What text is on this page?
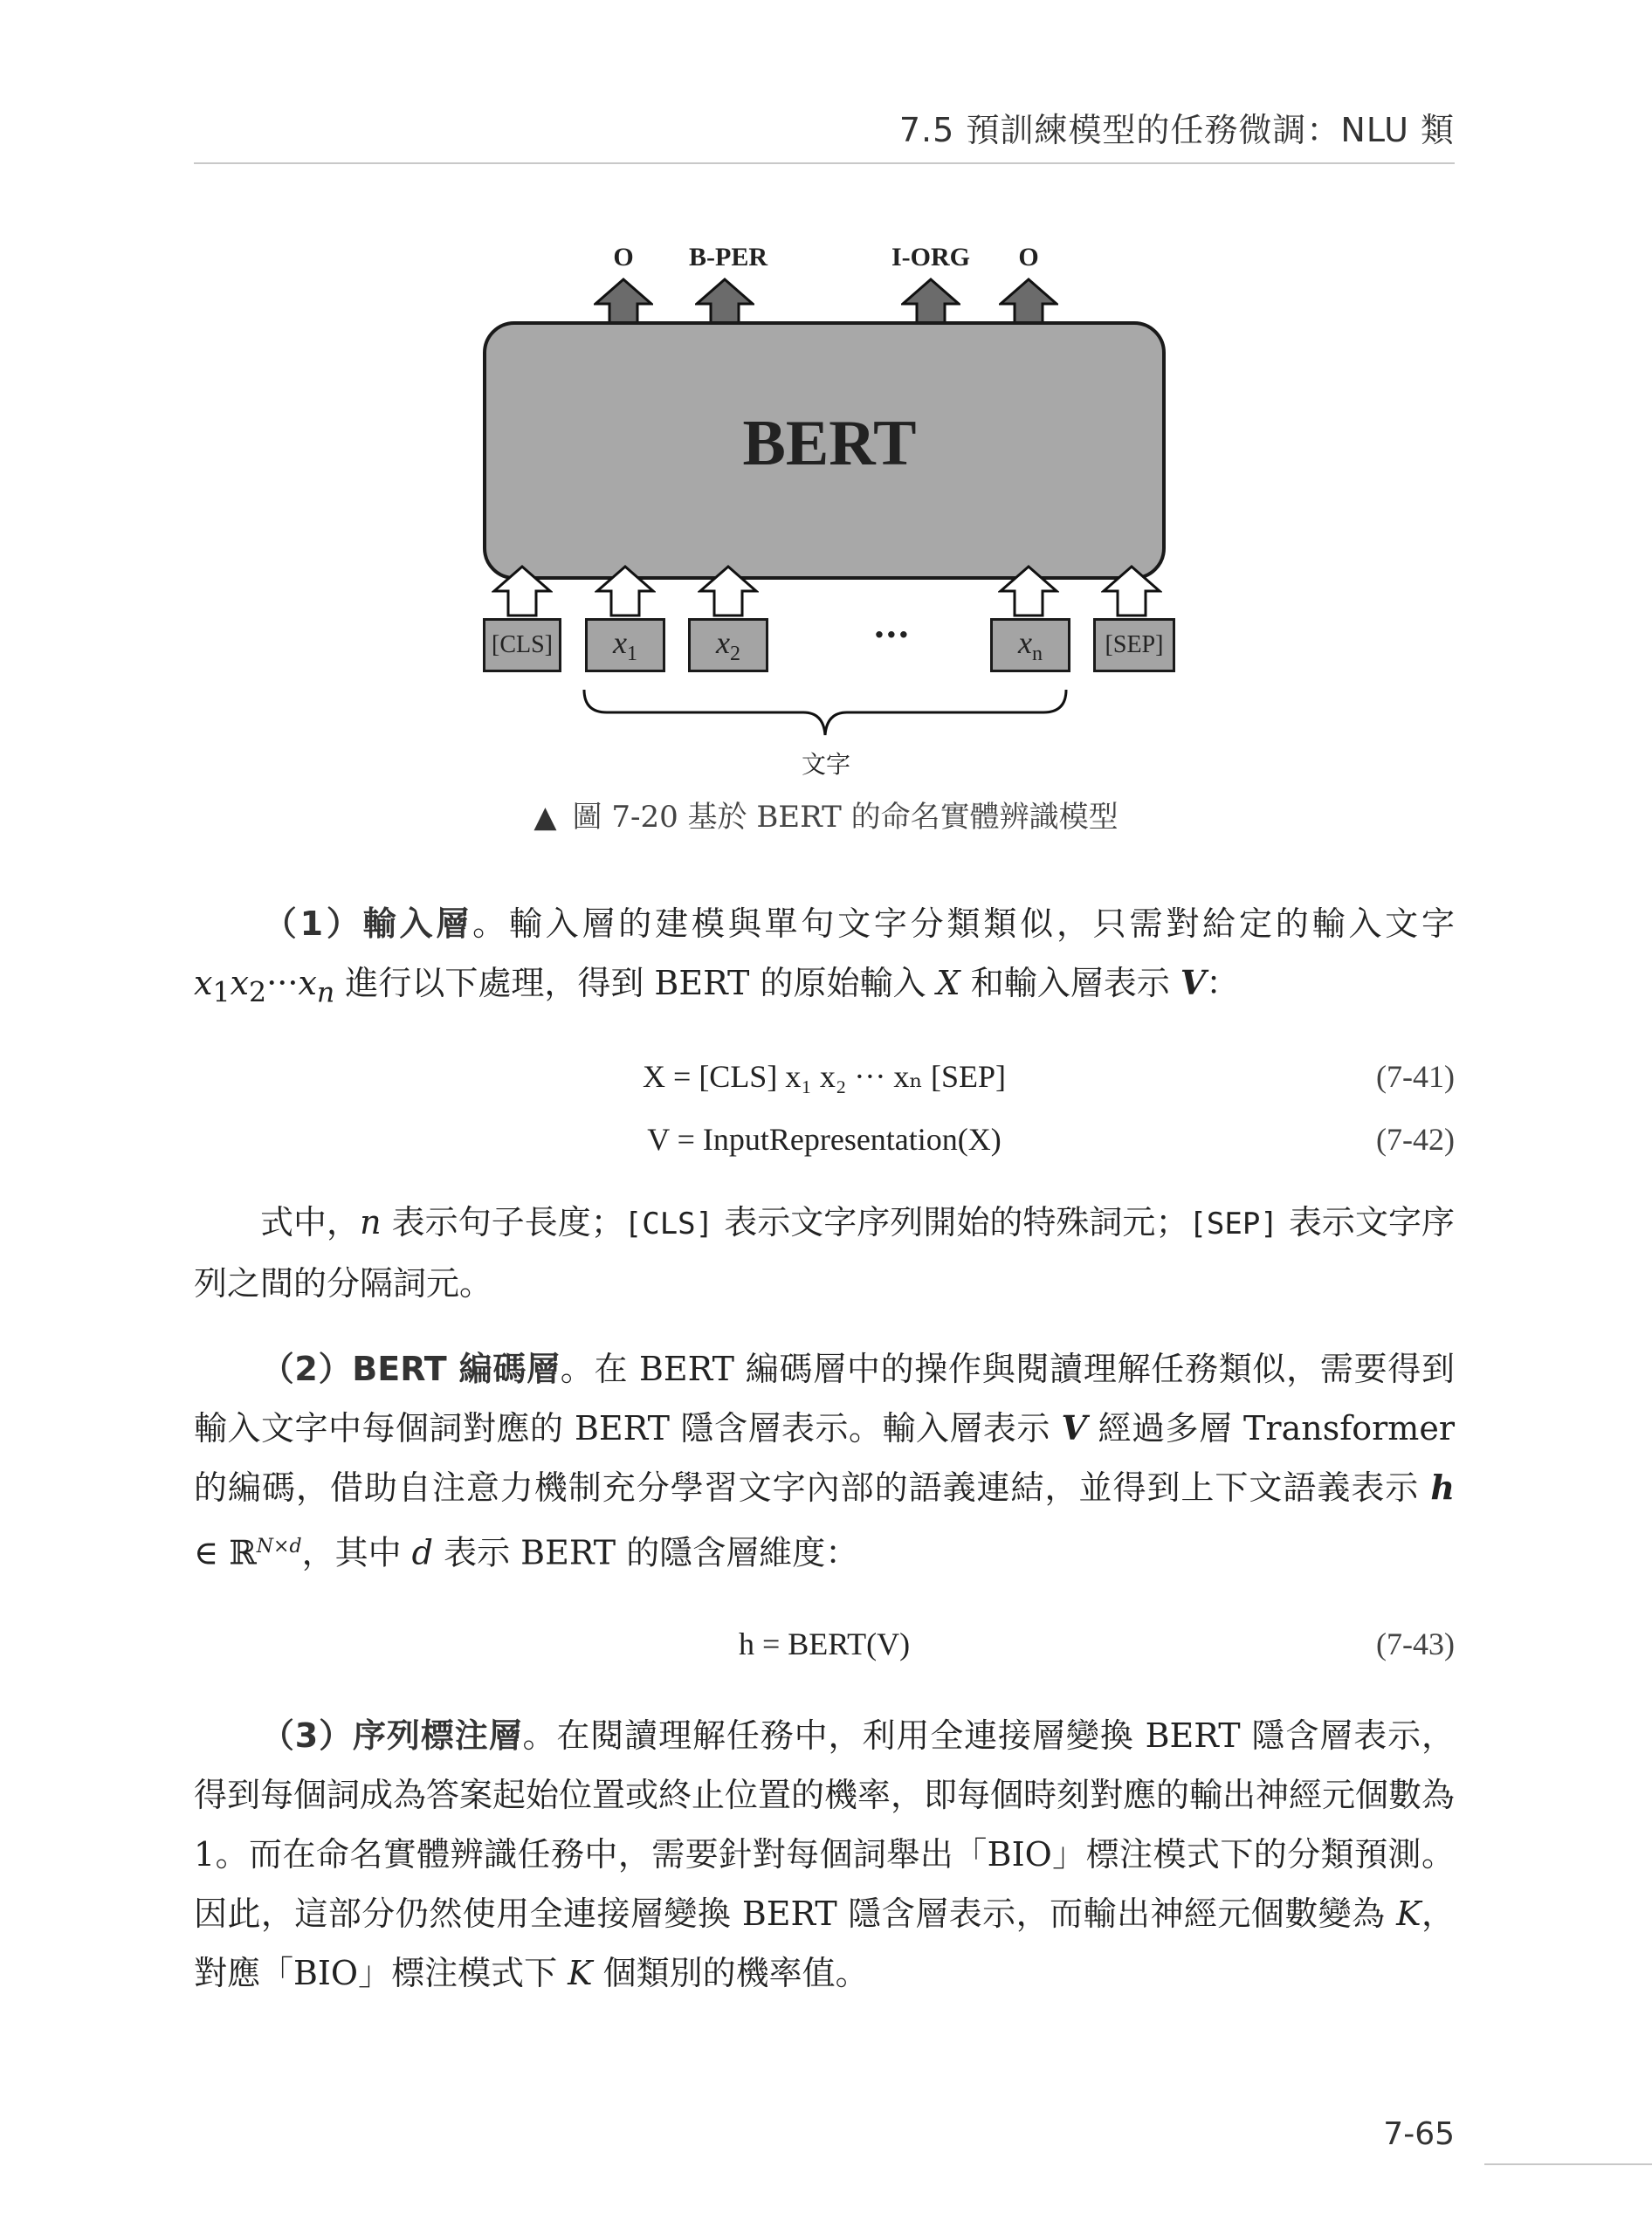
7.5 預訓練模型的任務微調：NLU 類
O B-PER	I-ORG O
BERT
[CLS] $x_1$	$x_2$	···	$x_n$	[SEP]
文字
▲ 圖 7-20 基於 BERT 的命名實體辨識模型
（1）輸入層。輸入層的建模與單句文字分類類似，只需對給定的輸入文字 $x_1x_2\cdot\cdot\cdot x_n$ 進行以下處理，得到 BERT 的原始輸入 X 和輸入層表示 V：
X = [CLS] x₁ x₂ ··· xₙ [SEP]	(7-41)
V = InputRepresentation(X)	(7-42)
式中，n 表示句子長度；[CLS] 表示文字序列開始的特殊詞元；[SEP] 表示文字序列之間的分隔詞元。
（2）BERT 編碼層。在 BERT 編碼層中的操作與閱讀理解任務類似，需要得到輸入文字中每個詞對應的 BERT 隱含層表示。輸入層表示 V 經過多層 Transformer 的編碼，借助自注意力機制充分學習文字內部的語義連結，並得到上下文語義表示 h ∈ ℝ$^{N\times d}$，其中 d 表示 BERT 的隱含層維度：
h = BERT(V)	(7-43)
（3）序列標注層。在閱讀理解任務中，利用全連接層變換 BERT 隱含層表示，得到每個詞成為答案起始位置或終止位置的機率，即每個時刻對應的輸出神經元個數為 1。而在命名實體辨識任務中，需要針對每個詞舉出「BIO」標注模式下的分類預測。因此，這部分仍然使用全連接層變換 BERT 隱含層表示，而輸出神經元個數變為 K，對應「BIO」標注模式下 K 個類別的機率值。
7-65
